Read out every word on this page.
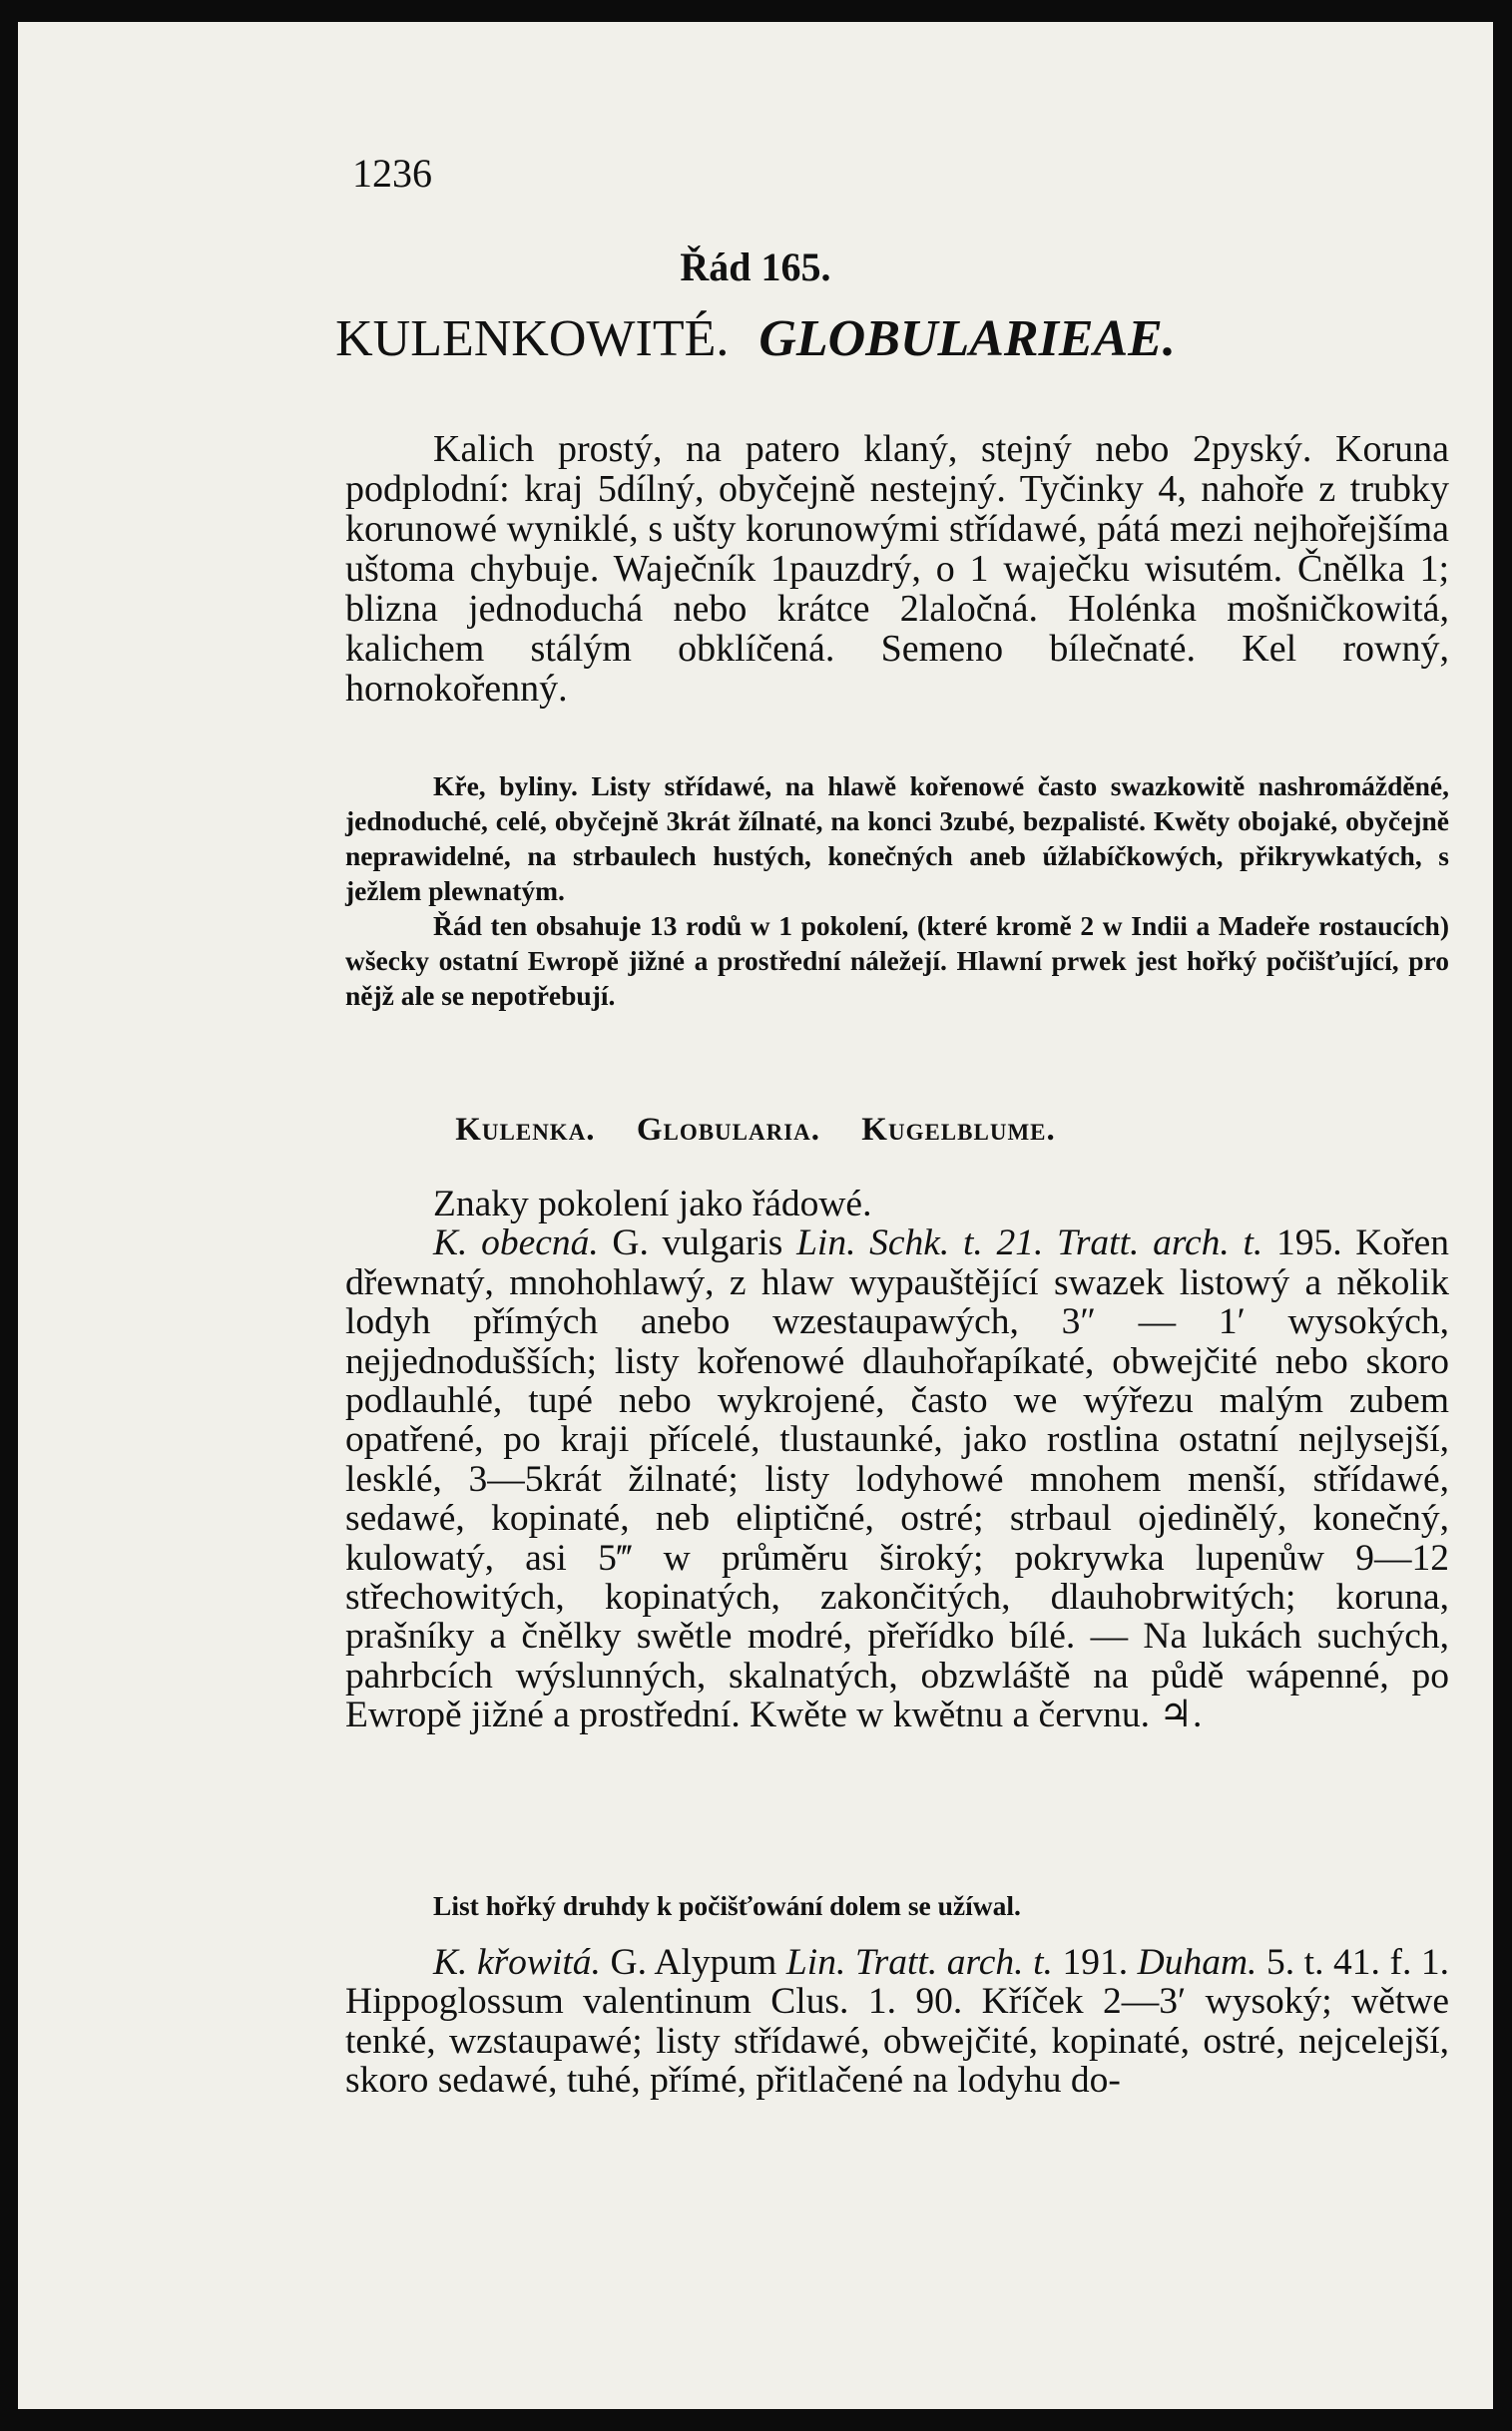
1236
Řád 165.
KULENKOWITÉ. GLOBULARIEAE.

Kalich prostý, na patero klaný, stejný nebo 2pyský. Koruna podplodní: kraj 5dílný, obyčejně nestejný. Tyčinky 4, nahoře z trubky korunowé wyniklé, s ušty korunowými střídawé, pátá mezi nejhořejšíma uštoma chybuje. Waječník 1pauzdrý, o 1 waječku wisutém. Čnělka 1; blizna jednoduchá nebo krátce 2laločná. Holénka mošničkowitá, kalichem stálým obklíčená. Semeno bílečnaté. Kel rowný, hornokořenný.

Kře, byliny. Listy střídawé, na hlawě kořenowé často swazkowitě nashromážděné, jednoduché, celé, obyčejně 3krát žílnaté, na konci 3zubé, bezpalisté. Kwěty obojaké, obyčejně neprawidelné, na strbaulech hustých, konečných aneb úžlabíčkowých, přikrywkatých, s ježlem plewnatým.

Řád ten obsahuje 13 rodů w 1 pokolení, (které kromě 2 w Indii a Madeře rostaucích) wšecky ostatní Ewropě jižné a prostřední náležejí. Hlawní prwek jest hořký počišťující, pro nějž ale se nepotřebují.

Kulenka. Globularia. Kugelblume.

Znaky pokolení jako řádowé.

K. obecná. G. vulgaris Lin. Schk. t. 21. Tratt. arch. t. 195. Kořen dřewnatý, mnohohlawý, z hlaw wypauštějící swazek listowý a několik lodyh přímých anebo wzestaupawých, 3″ — 1′ wysokých, nejjednodušších; listy kořenowé dlauhořapíkaté, obwejčité nebo skoro podlauhlé, tupé nebo wykrojené, často we wýřezu malým zubem opatřené, po kraji přícelé, tlustaunké, jako rostlina ostatní nejlysejší, lesklé, 3—5krát žilnaté; listy lodyhowé mnohem menší, střídawé, sedawé, kopinaté, neb eliptičné, ostré; strbaul ojedinělý, konečný, kulowatý, asi 5‴ w průměru široký; pokrywka lupenůw 9—12 střechowitých, kopinatých, zakončitých, dlauhobrwitých; koruna, prašníky a čnělky swětle modré, přeřídko bílé. — Na lukách suchých, pahrbcích wýslunných, skalnatých, obzwláště na půdě wápenné, po Ewropě jižné a prostřední. Kwěte w kwětnu a červnu. ♃.

List hořký druhdy k počišťowání dolem se užíwal.

K. křowitá. G. Alypum Lin. Tratt. arch. t. 191. Duham. 5. t. 41. f. 1. Hippoglossum valentinum Clus. 1. 90. Kříček 2—3′ wysoký; wětwe tenké, wzstaupawé; listy střídawé, obwejčité, kopinaté, ostré, nejcelejší, skoro sedawé, tuhé, přímé, přitlačené na lodyhu do-
